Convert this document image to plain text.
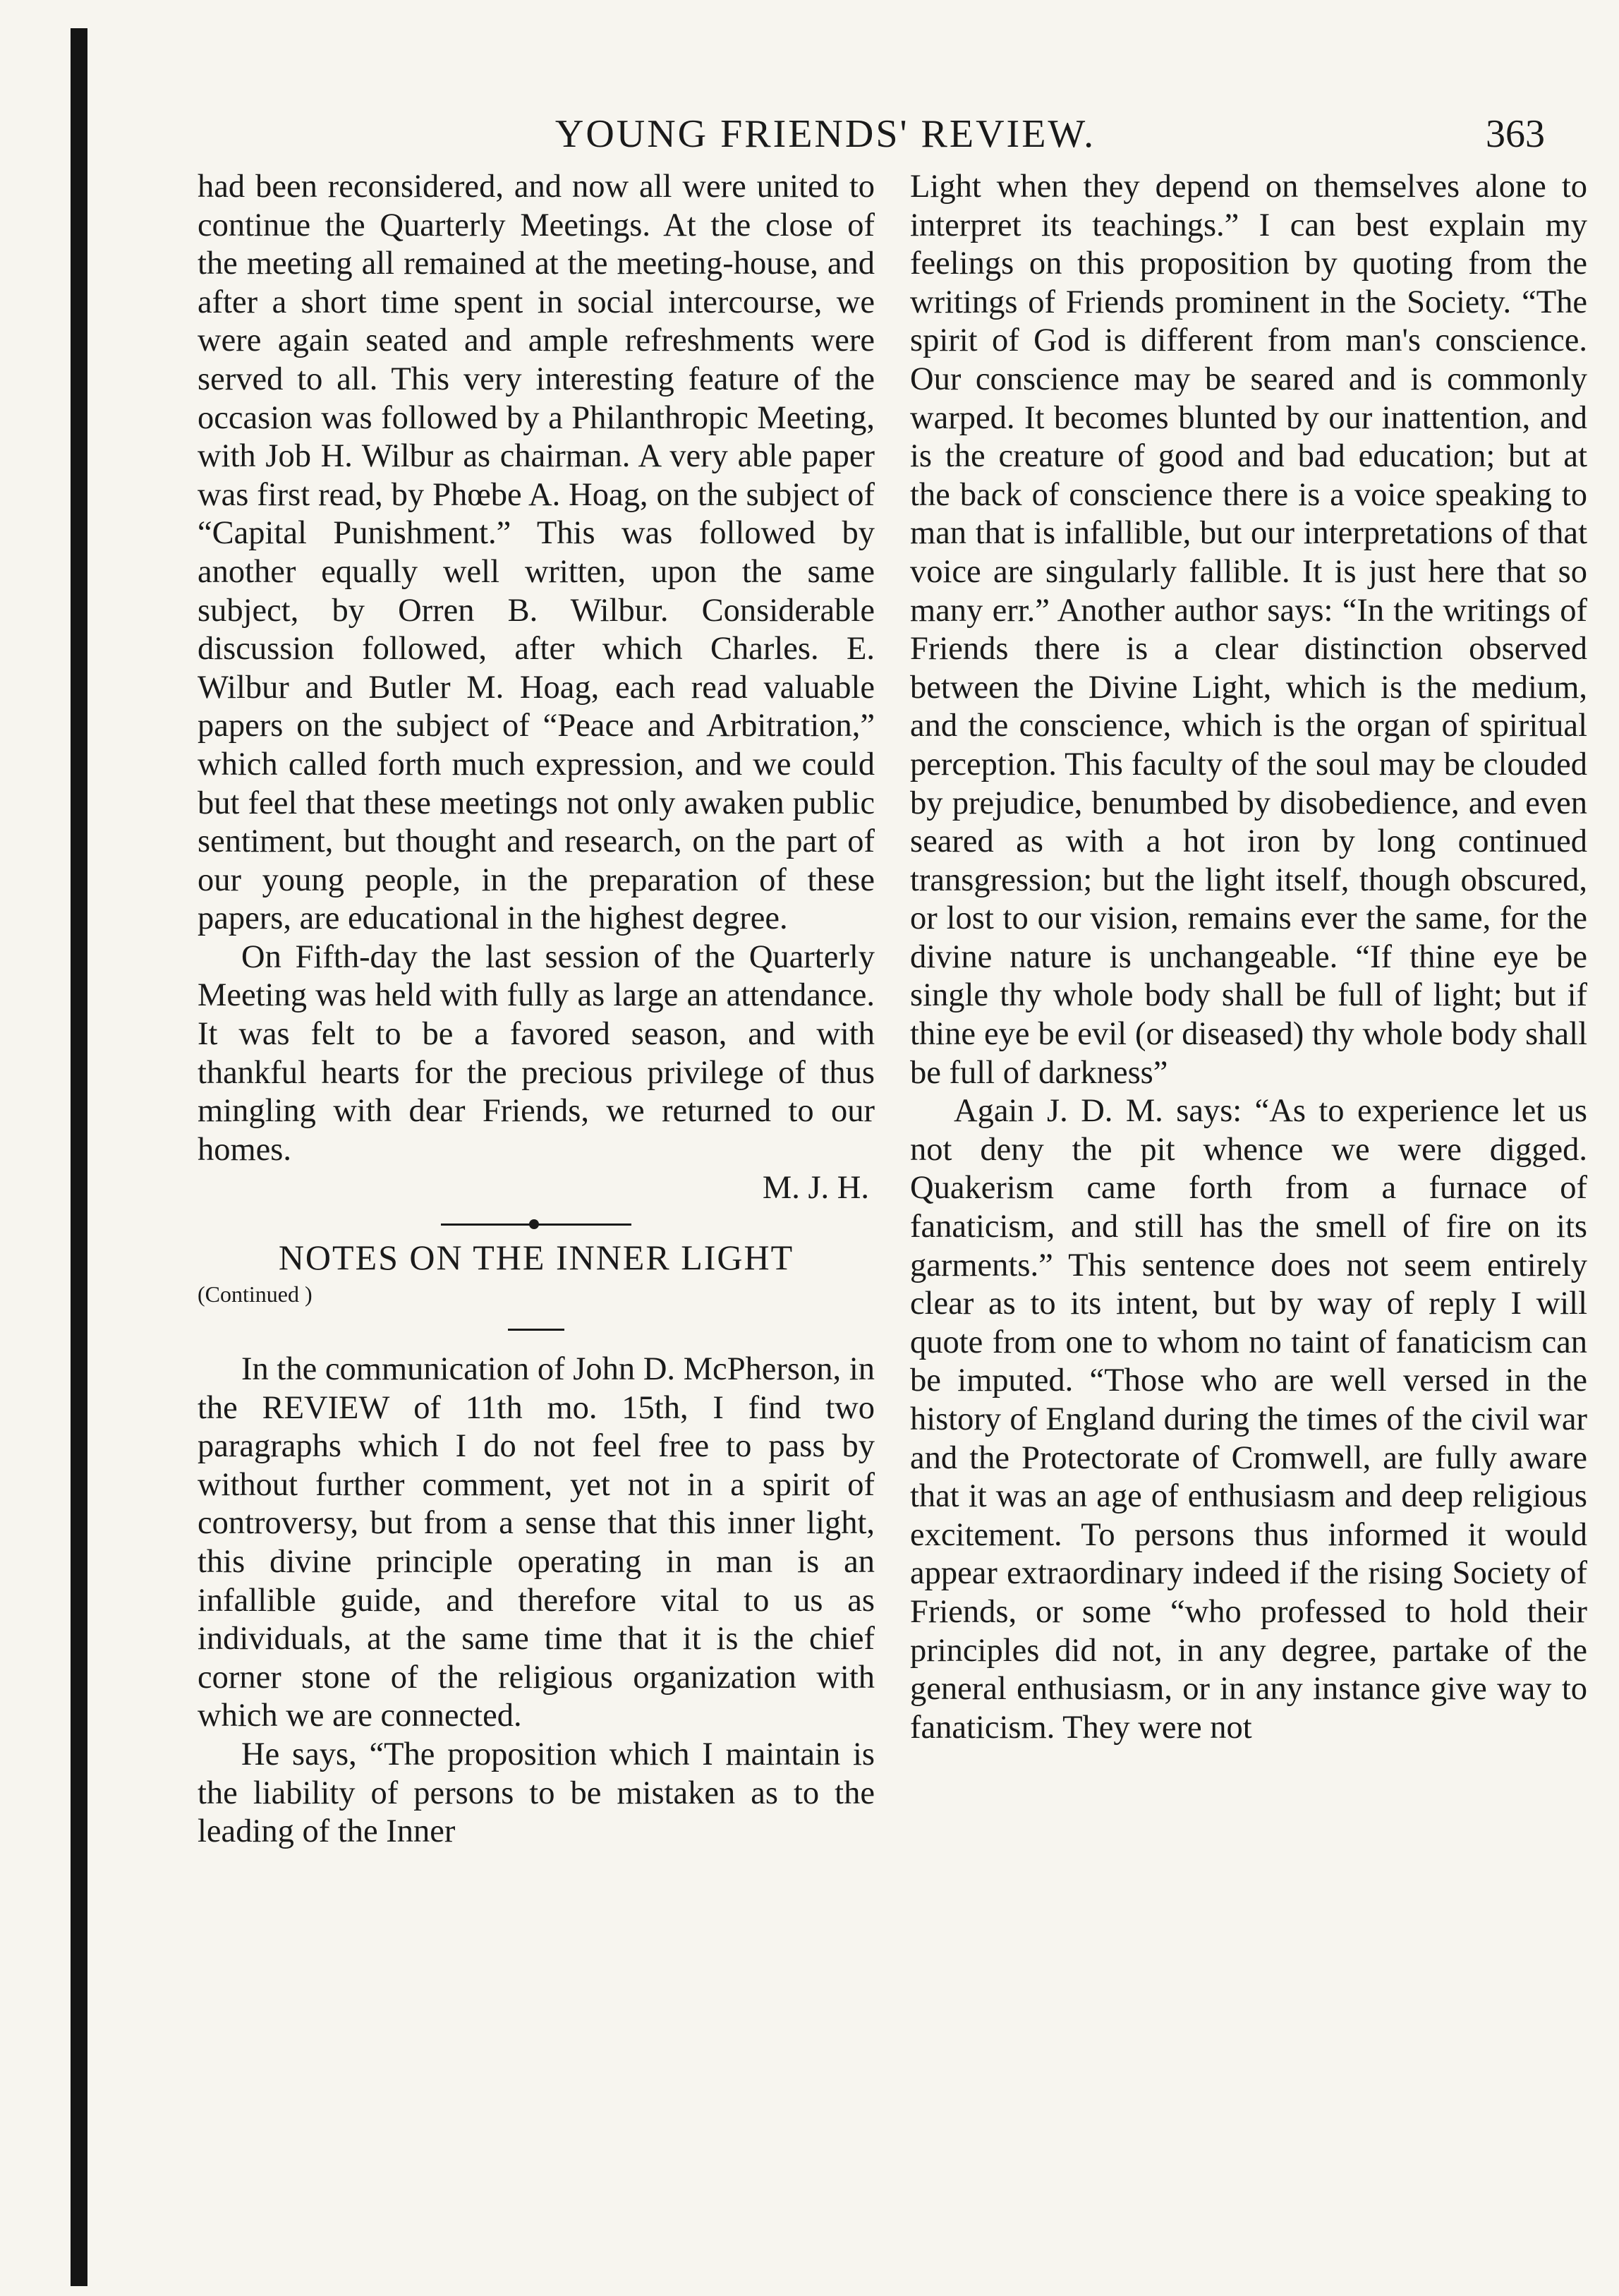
YOUNG FRIENDS' REVIEW.	363

had been reconsidered, and now all were united to continue the Quarterly Meetings. At the close of the meeting all remained at the meeting-house, and after a short time spent in social intercourse, we were again seated and ample refreshments were served to all. This very interesting feature of the occasion was followed by a Philanthropic Meeting, with Job H. Wilbur as chairman. A very able paper was first read, by Phœbe A. Hoag, on the subject of “Capital Punishment.” This was followed by another equally well written, upon the same subject, by Orren B. Wilbur. Considerable discussion followed, after which Charles. E. Wilbur and Butler M. Hoag, each read valuable papers on the subject of “Peace and Arbitration,” which called forth much expression, and we could but feel that these meetings not only awaken public sentiment, but thought and research, on the part of our young people, in the preparation of these papers, are educational in the highest degree.

On Fifth-day the last session of the Quarterly Meeting was held with fully as large an attendance. It was felt to be a favored season, and with thankful hearts for the precious privilege of thus mingling with dear Friends, we returned to our homes.

M. J. H.

NOTES ON THE INNER LIGHT

(Continued )

In the communication of John D. McPherson, in the REVIEW of 11th mo. 15th, I find two paragraphs which I do not feel free to pass by without further comment, yet not in a spirit of controversy, but from a sense that this inner light, this divine principle operating in man is an infallible guide, and therefore vital to us as individuals, at the same time that it is the chief corner stone of the religious organization with which we are connected.

He says, “The proposition which I maintain is the liability of persons to be mistaken as to the leading of the Inner

Light when they depend on themselves alone to interpret its teachings.” I can best explain my feelings on this proposition by quoting from the writings of Friends prominent in the Society. “The spirit of God is different from man's conscience. Our conscience may be seared and is commonly warped. It becomes blunted by our inattention, and is the creature of good and bad education; but at the back of conscience there is a voice speaking to man that is infallible, but our interpretations of that voice are singularly fallible. It is just here that so many err.” Another author says: “In the writings of Friends there is a clear distinction observed between the Divine Light, which is the medium, and the conscience, which is the organ of spiritual perception. This faculty of the soul may be clouded by prejudice, benumbed by disobedience, and even seared as with a hot iron by long continued transgression; but the light itself, though obscured, or lost to our vision, remains ever the same, for the divine nature is unchangeable. “If thine eye be single thy whole body shall be full of light; but if thine eye be evil (or diseased) thy whole body shall be full of darkness”

Again J. D. M. says: “As to experience let us not deny the pit whence we were digged. Quakerism came forth from a furnace of fanaticism, and still has the smell of fire on its garments.” This sentence does not seem entirely clear as to its intent, but by way of reply I will quote from one to whom no taint of fanaticism can be imputed. “Those who are well versed in the history of England during the times of the civil war and the Protectorate of Cromwell, are fully aware that it was an age of enthusiasm and deep religious excitement. To persons thus informed it would appear extraordinary indeed if the rising Society of Friends, or some “who professed to hold their principles did not, in any degree, partake of the general enthusiasm, or in any instance give way to fanaticism. They were not
